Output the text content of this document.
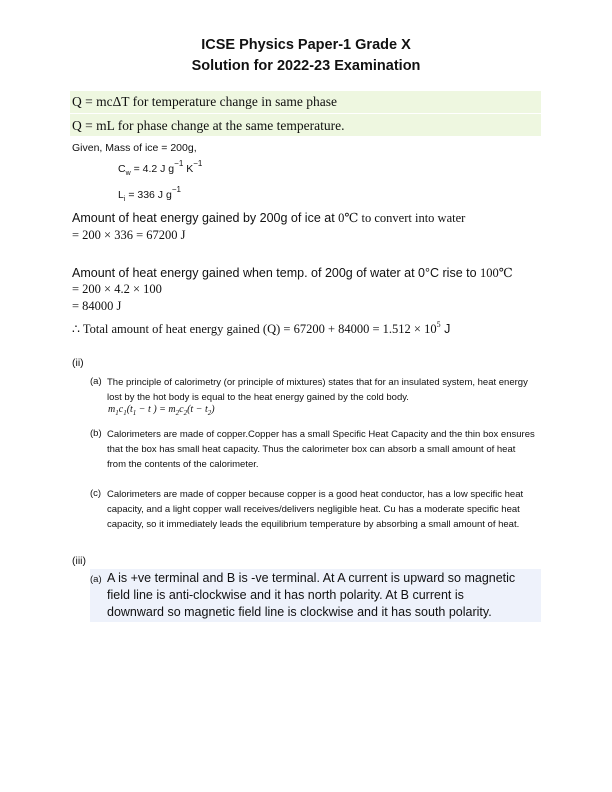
ICSE Physics Paper-1 Grade X
Solution for 2022-23 Examination
Q = mcΔT for temperature change in same phase
Q = mL for phase change at the same temperature.
Given, Mass of ice = 200g,
$C_w = 4.2$ J $g^{-1}$ $K^{-1}$
$L_i = 336$ J $g^{-1}$
Amount of heat energy gained by 200g of ice at 0℃ to convert into water
= 200 × 336 = 67200 J
Amount of heat energy gained when temp. of 200g of water at 0°C rise to 100℃
= 200 × 4.2 × 100
= 84000 J
∴ Total amount of heat energy gained $(Q) = 67200 + 84000 = 1.512 \times 10^5$ J
(ii)
(a) The principle of calorimetry (or principle of mixtures) states that for an insulated system, heat energy lost by the hot body is equal to the heat energy gained by the cold body.
$m_1c_1(t_1 - t$ ) = $m_2c_2(t - t_2)$
(b) Calorimeters are made of copper.Copper has a small Specific Heat Capacity and the thin box ensures that the box has small heat capacity. Thus the calorimeter box can absorb a small amount of heat from the contents of the calorimeter.
(c) Calorimeters are made of copper because copper is a good heat conductor, has a low specific heat capacity, and a light copper wall receives/delivers negligible heat. Cu has a moderate specific heat capacity, so it immediately leads the equilibrium temperature by absorbing a small amount of heat.
(iii)
(a) A is +ve terminal and B is -ve terminal. At A current is upward so magnetic
field line is anti-clockwise and it has north polarity. At B current is
downward so magnetic field line is clockwise and it has south polarity.
